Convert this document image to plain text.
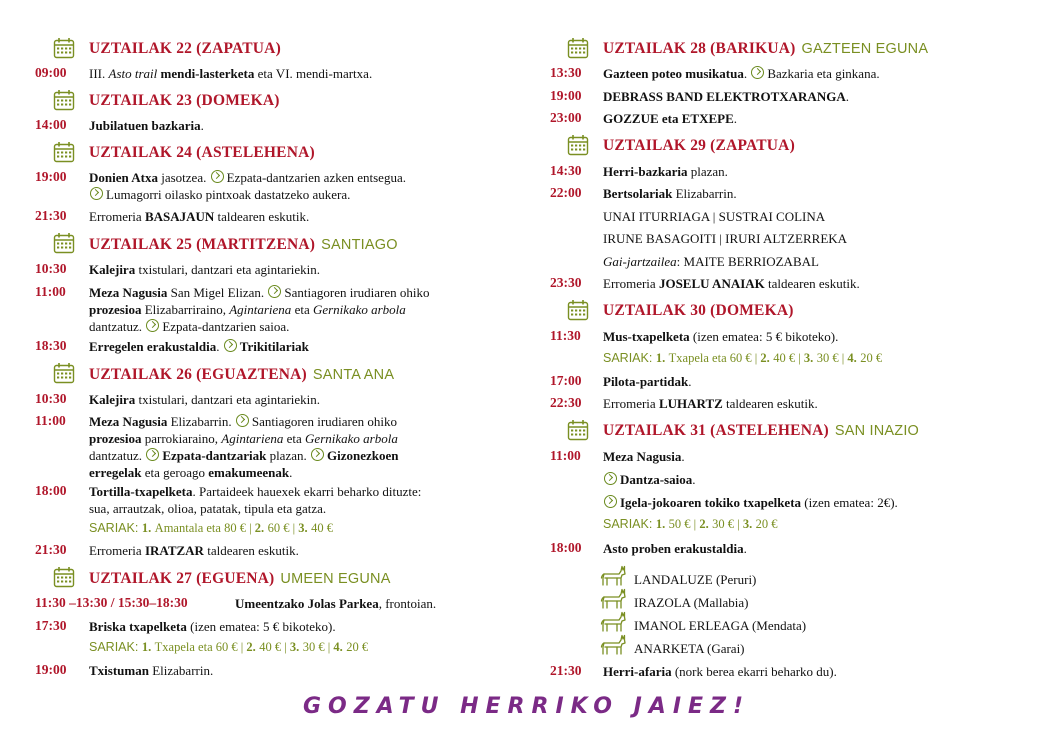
UZTAILAK 22 (ZAPATUA)
09:00 III. Asto trail mendi-lasterketa eta VI. mendi-martxa.
UZTAILAK 23 (DOMEKA)
14:00 Jubilatuen bazkaria.
UZTAILAK 24 (ASTELEHENA)
19:00 Donien Atxa jasotzea. Ezpata-dantzarien azken entsegua.
Lumagorri oilasko pintxoak dastatzeko aukera.
21:30 Erromeria BASAJAUN taldearen eskutik.
UZTAILAK 25 (MARTITZENA) SANTIAGO
10:30 Kalejira txistulari, dantzari eta agintariekin.
11:00 Meza Nagusia San Migel Elizan. Santiagoren irudiaren ohiko
prozesioa Elizabarriraino, Agintariena eta Gernikako arbola
dantzatuz. Ezpata-dantzarien saioa.
18:30 Erregelen erakustaldia. Trikitilariak
UZTAILAK 26 (EGUAZTENA) SANTA ANA
10:30 Kalejira txistulari, dantzari eta agintariekin.
11:00 Meza Nagusia Elizabarrin. Santiagoren irudiaren ohiko
prozesioa parrokiaraino, Agintariena eta Gernikako arbola
dantzatuz. Ezpata-dantzariak plazan. Gizonezkoen
erregelak eta geroago emakumeenak.
18:00 Tortilla-txapelketa. Partaideek hauexek ekarri beharko dituzte:
sua, arrautzak, olioa, patatak, tipula eta gatza.
SARIAK: 1. Amantala eta 80 € | 2. 60 € | 3. 40 €
21:30 Erromeria IRATZAR taldearen eskutik.
UZTAILAK 27 (EGUENA) UMEEN EGUNA
11:30 –13:30 / 15:30–18:30	Umeentzako Jolas Parkea, frontoian.
17:30 Briska txapelketa (izen ematea: 5 € bikoteko).
SARIAK: 1. Txapela eta 60 € | 2. 40 € | 3. 30 € | 4. 20 €
19:00 Txistuman Elizabarrin.
UZTAILAK 28 (BARIKUA) GAZTEEN EGUNA
13:30 Gazteen poteo musikatua. Bazkaria eta ginkana.
19:00 DEBRASS BAND ELEKTROTXARANGA.
23:00 GOZZUE eta ETXEPE.
UZTAILAK 29 (ZAPATUA)
14:30 Herri-bazkaria plazan.
22:00 Bertsolariak Elizabarrin.
UNAI ITURRIAGA | SUSTRAI COLINA
IRUNE BASAGOITI | IRURI ALTZERREKA
Gai-jartzailea: MAITE BERRIOZABAL
23:30 Erromeria JOSELU ANAIAK taldearen eskutik.
UZTAILAK 30 (DOMEKA)
11:30 Mus-txapelketa (izen ematea: 5 € bikoteko).
SARIAK: 1. Txapela eta 60 € | 2. 40 € | 3. 30 € | 4. 20 €
17:00 Pilota-partidak.
22:30 Erromeria LUHARTZ taldearen eskutik.
UZTAILAK 31 (ASTELEHENA) SAN INAZIO
11:00 Meza Nagusia.
Dantza-saioa.
Igela-jokoaren tokiko txapelketa (izen ematea: 2€).
SARIAK: 1. 50 € | 2. 30 € | 3. 20 €
18:00 Asto proben erakustaldia.
LANDALUZE (Peruri)
IRAZOLA (Mallabia)
IMANOL ERLEAGA (Mendata)
ANARKETA (Garai)
21:30 Herri-afaria (nork berea ekarri beharko du).
GOZATU HERRIKO JAIEZ!
